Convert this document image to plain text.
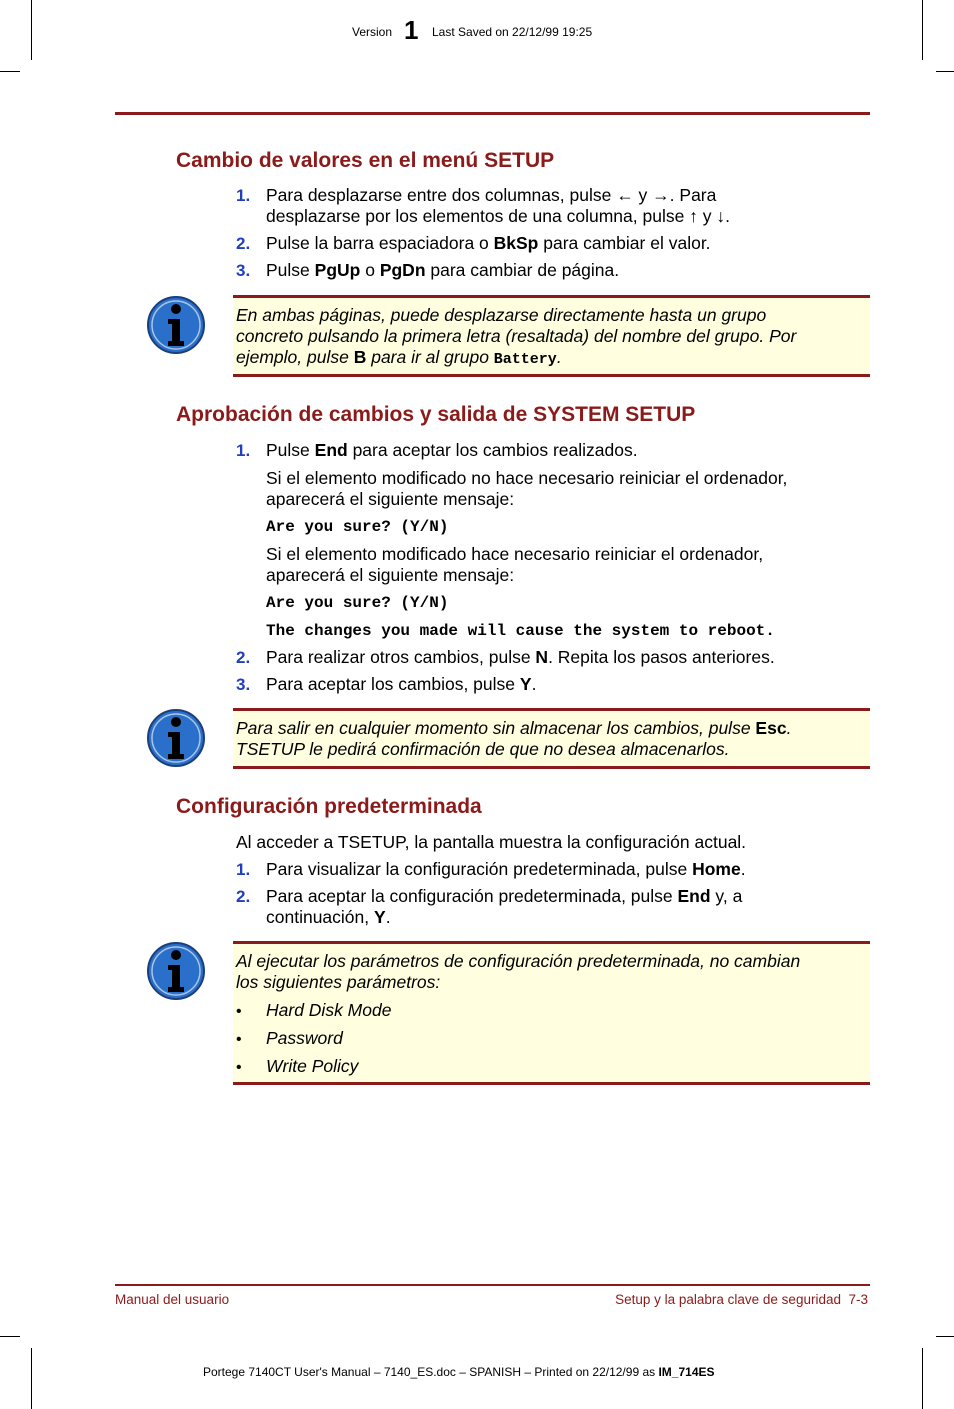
Version 1 Last Saved on 22/12/99 19:25
Cambio de valores en el menú SETUP
1. Para desplazarse entre dos columnas, pulse ← y →. Para
desplazarse por los elementos de una columna, pulse ↑ y ↓.
2. Pulse la barra espaciadora o BkSp para cambiar el valor.
3. Pulse PgUp o PgDn para cambiar de página.
En ambas páginas, puede desplazarse directamente hasta un grupo
concreto pulsando la primera letra (resaltada) del nombre del grupo. Por
ejemplo, pulse B para ir al grupo Battery.
Aprobación de cambios y salida de SYSTEM SETUP
1. Pulse End para aceptar los cambios realizados.
Si el elemento modificado no hace necesario reiniciar el ordenador,
aparecerá el siguiente mensaje:
Are you sure? (Y/N)
Si el elemento modificado hace necesario reiniciar el ordenador,
aparecerá el siguiente mensaje:
Are you sure? (Y/N)
The changes you made will cause the system to reboot.
2. Para realizar otros cambios, pulse N. Repita los pasos anteriores.
3. Para aceptar los cambios, pulse Y.
Para salir en cualquier momento sin almacenar los cambios, pulse Esc.
TSETUP le pedirá confirmación de que no desea almacenarlos.
Configuración predeterminada
Al acceder a TSETUP, la pantalla muestra la configuración actual.
1. Para visualizar la configuración predeterminada, pulse Home.
2. Para aceptar la configuración predeterminada, pulse End y, a
continuación, Y.
Al ejecutar los parámetros de configuración predeterminada, no cambian
los siguientes parámetros:
• Hard Disk Mode
• Password
• Write Policy
Manual del usuario	Setup y la palabra clave de seguridad  7-3
Portege 7140CT User's Manual – 7140_ES.doc – SPANISH – Printed on 22/12/99 as IM_714ES
